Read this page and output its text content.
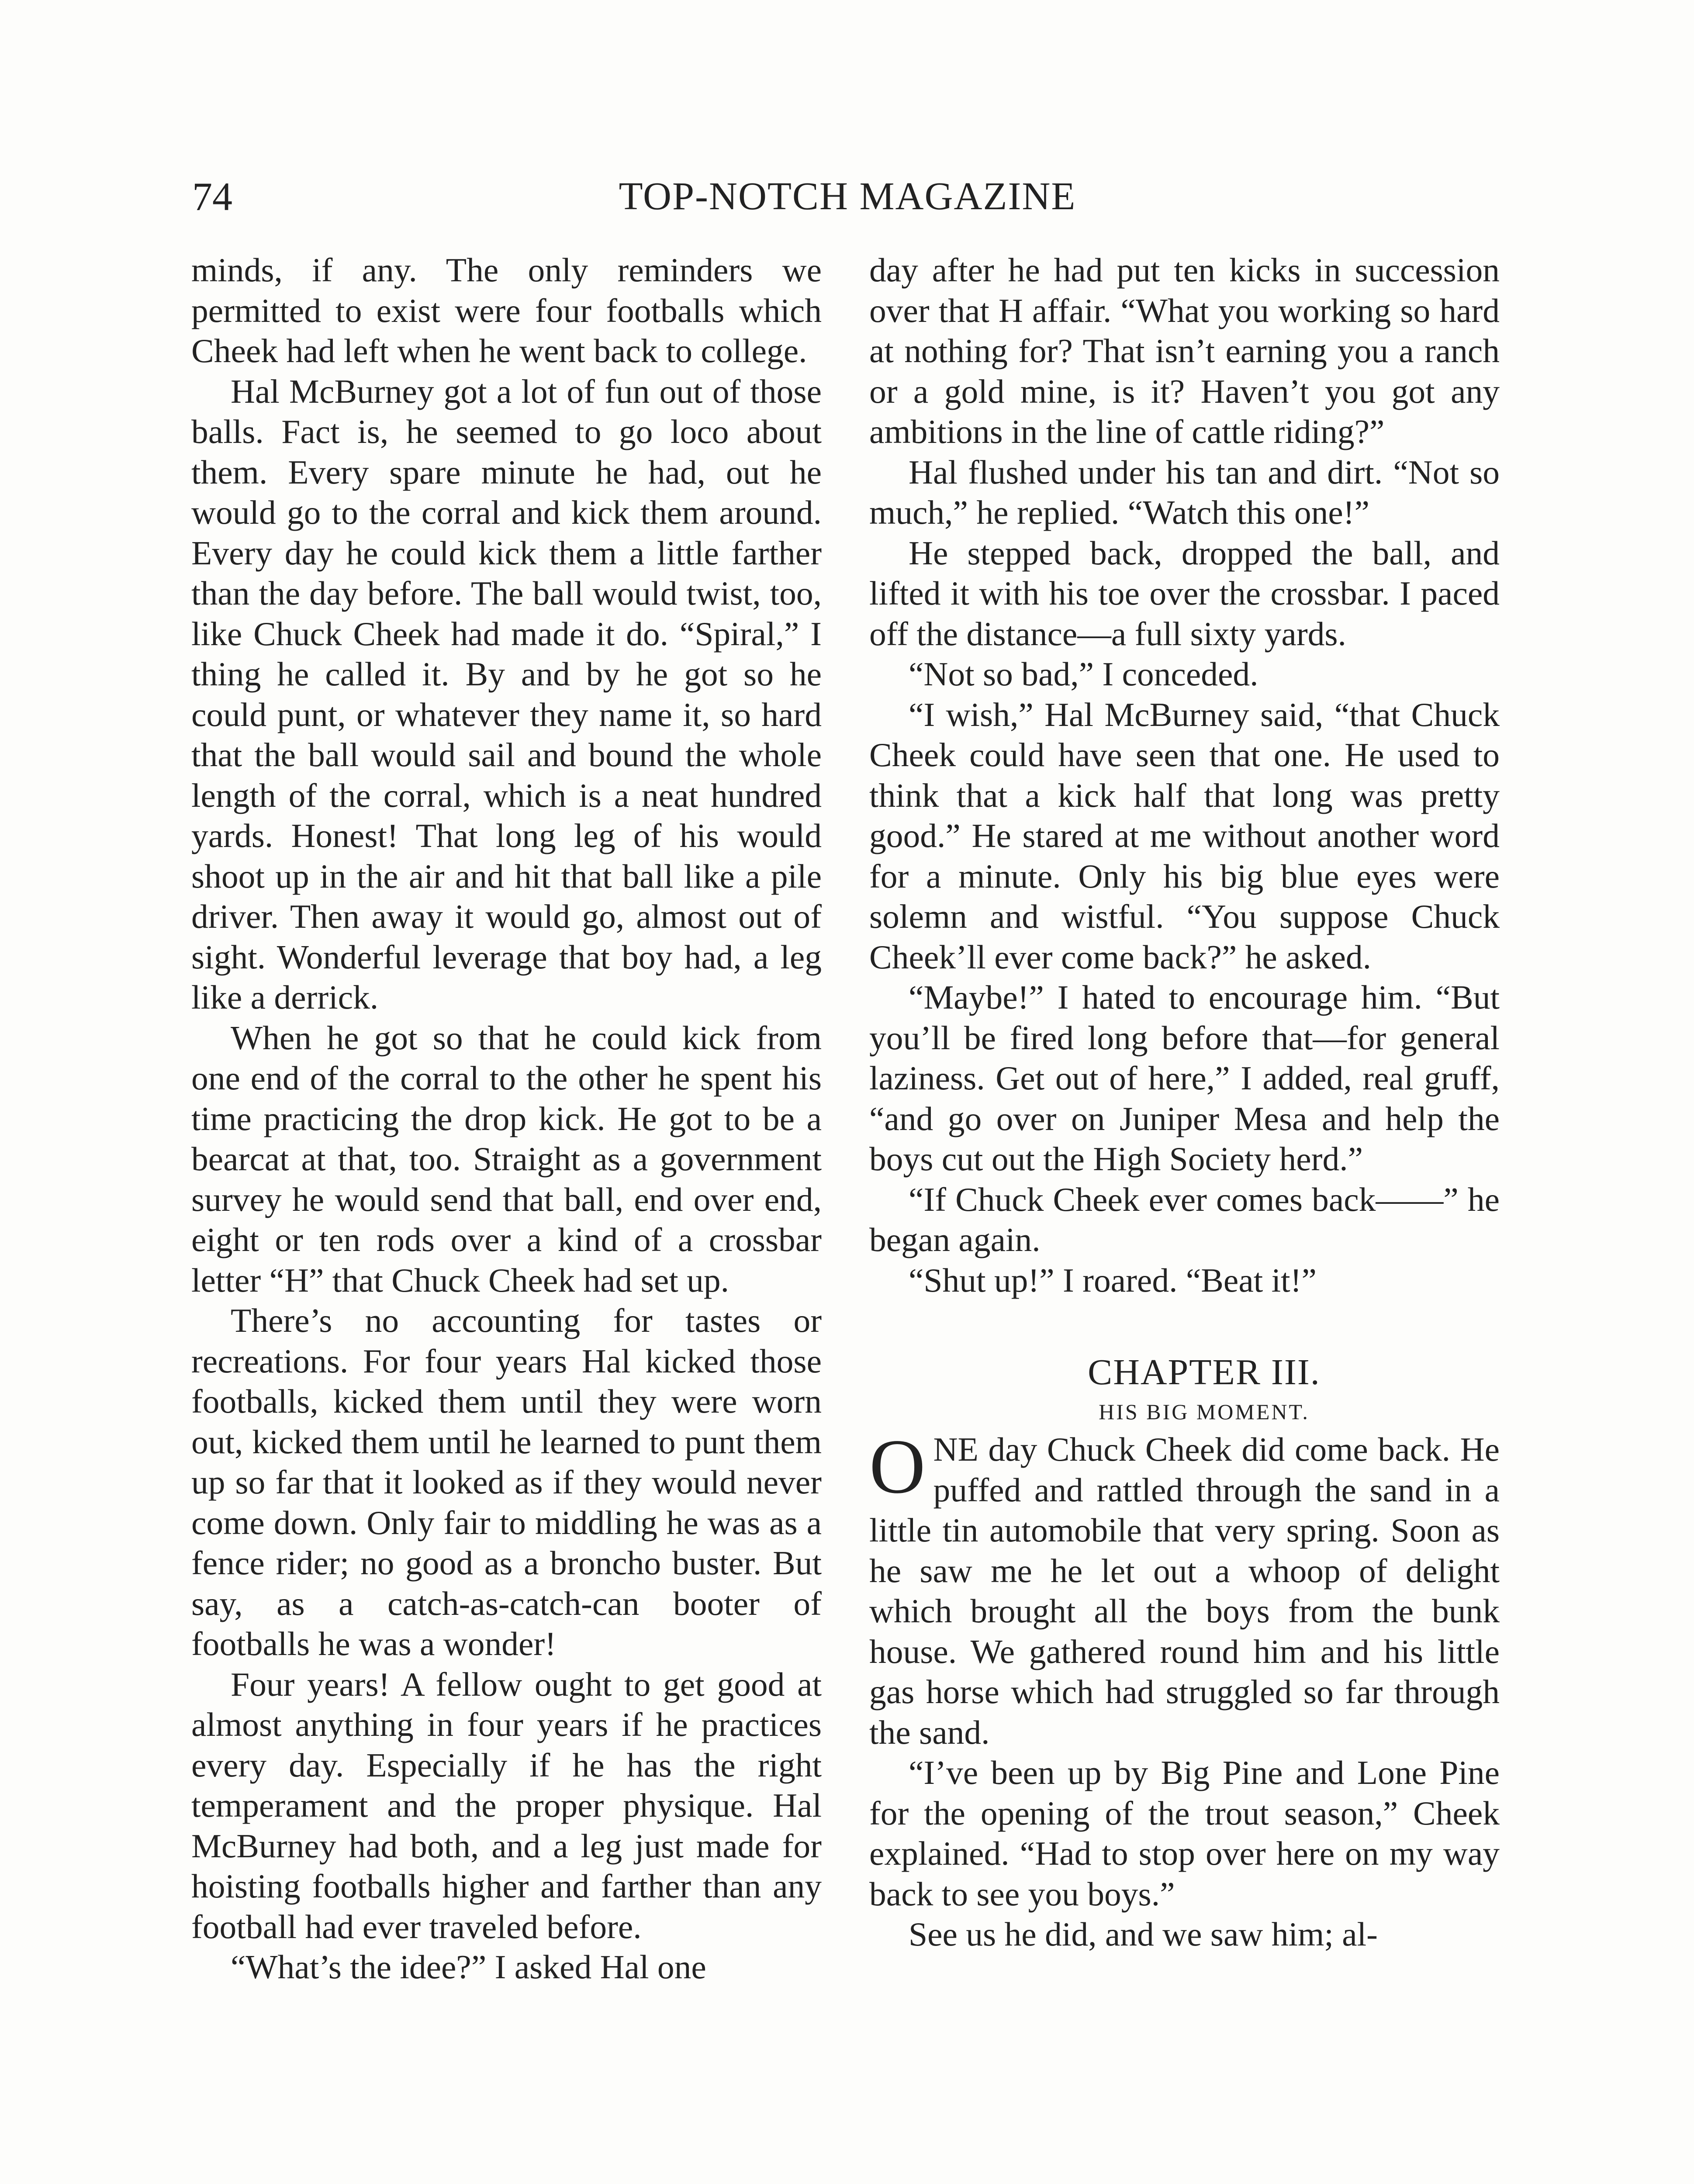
74	TOP-NOTCH MAGAZINE

minds, if any. The only reminders we permitted to exist were four footballs which Cheek had left when he went back to college.

Hal McBurney got a lot of fun out of those balls. Fact is, he seemed to go loco about them. Every spare minute he had, out he would go to the corral and kick them around. Every day he could kick them a little farther than the day before. The ball would twist, too, like Chuck Cheek had made it do. “Spiral,” I thing he called it. By and by he got so he could punt, or whatever they name it, so hard that the ball would sail and bound the whole length of the corral, which is a neat hundred yards. Honest! That long leg of his would shoot up in the air and hit that ball like a pile driver. Then away it would go, almost out of sight. Wonderful leverage that boy had, a leg like a derrick.

When he got so that he could kick from one end of the corral to the other he spent his time practicing the drop kick. He got to be a bearcat at that, too. Straight as a government survey he would send that ball, end over end, eight or ten rods over a kind of a crossbar letter “H” that Chuck Cheek had set up.

There’s no accounting for tastes or recreations. For four years Hal kicked those footballs, kicked them until they were worn out, kicked them until he learned to punt them up so far that it looked as if they would never come down. Only fair to middling he was as a fence rider; no good as a broncho buster. But say, as a catch-as-catch-can booter of footballs he was a wonder!

Four years! A fellow ought to get good at almost anything in four years if he practices every day. Especially if he has the right temperament and the proper physique. Hal McBurney had both, and a leg just made for hoisting footballs higher and farther than any football had ever traveled before.

“What’s the idee?” I asked Hal one

day after he had put ten kicks in succession over that H affair. “What you working so hard at nothing for? That isn’t earning you a ranch or a gold mine, is it? Haven’t you got any ambitions in the line of cattle riding?”

Hal flushed under his tan and dirt. “Not so much,” he replied. “Watch this one!”

He stepped back, dropped the ball, and lifted it with his toe over the crossbar. I paced off the distance—a full sixty yards.

“Not so bad,” I conceded.

“I wish,” Hal McBurney said, “that Chuck Cheek could have seen that one. He used to think that a kick half that long was pretty good.” He stared at me without another word for a minute. Only his big blue eyes were solemn and wistful. “You suppose Chuck Cheek’ll ever come back?” he asked.

“Maybe!” I hated to encourage him. “But you’ll be fired long before that—for general laziness. Get out of here,” I added, real gruff, “and go over on Juniper Mesa and help the boys cut out the High Society herd.”

“If Chuck Cheek ever comes back——” he began again.

“Shut up!” I roared. “Beat it!”

CHAPTER III.

HIS BIG MOMENT.

ONE day Chuck Cheek did come back. He puffed and rattled through the sand in a little tin automobile that very spring. Soon as he saw me he let out a whoop of delight which brought all the boys from the bunk house. We gathered round him and his little gas horse which had struggled so far through the sand.

“I’ve been up by Big Pine and Lone Pine for the opening of the trout season,” Cheek explained. “Had to stop over here on my way back to see you boys.”

See us he did, and we saw him; al-
